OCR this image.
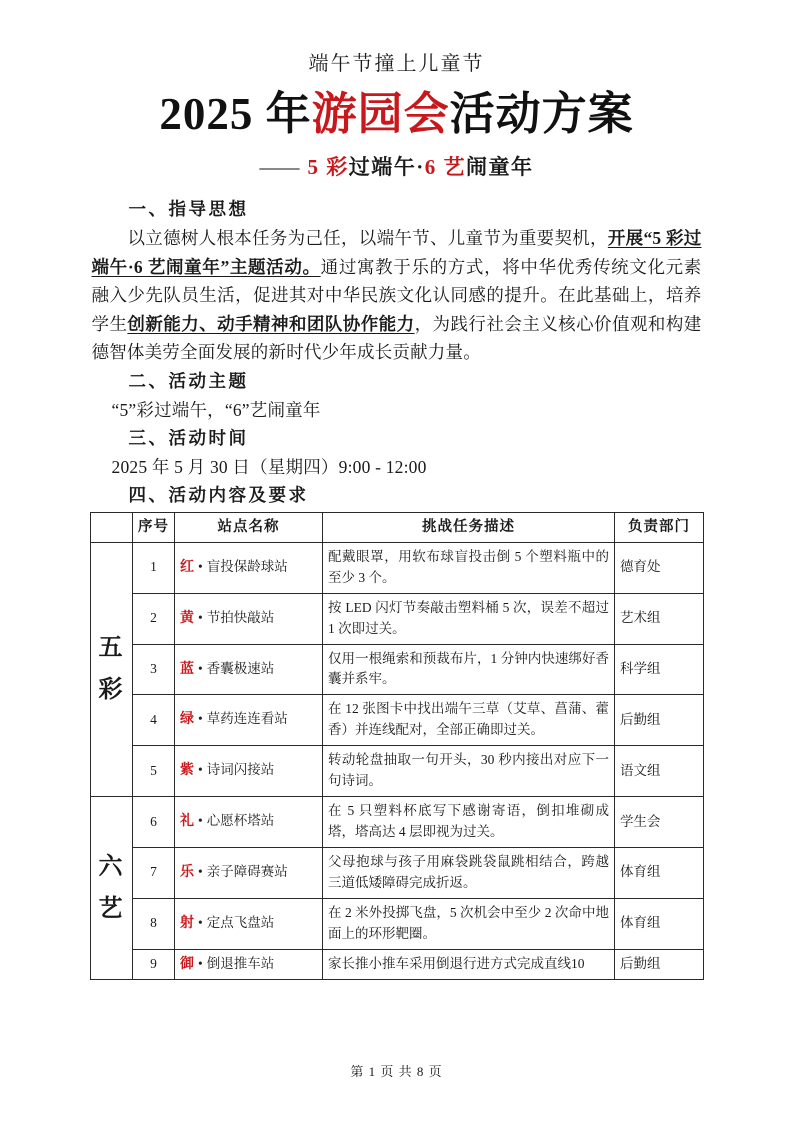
端午节撞上儿童节
2025 年游园会活动方案
—— 5 彩过端午·6 艺闹童年
一、指导思想
以立德树人根本任务为己任，以端午节、儿童节为重要契机，开展“5 彩过端午·6 艺闹童年”主题活动。通过寓教于乐的方式，将中华优秀传统文化元素融入少先队员生活，促进其对中华民族文化认同感的提升。在此基础上，培养学生创新能力、动手精神和团队协作能力，为践行社会主义核心价值观和构建德智体美劳全面发展的新时代少年成长贡献力量。
二、活动主题
“5”彩过端午，“6”艺闹童年
三、活动时间
2025 年 5 月 30 日（星期四）9:00 - 12:00
四、活动内容及要求
	序号	站点名称	挑战任务描述	负责部门

五
彩	1	红 • 盲投保龄球站	配戴眼罩，用软布球盲投击倒 5 个塑料瓶中的至少 3 个。	德育处
	2	黄 • 节拍快敲站	按 LED 闪灯节奏敲击塑料桶 5 次，误差不超过 1 次即过关。	艺术组
	3	蓝 • 香囊极速站	仅用一根绳索和预裁布片，1 分钟内快速绑好香囊并系牢。	科学组
	4	绿 • 草药连连看站	在 12 张图卡中找出端午三草（艾草、菖蒲、藿香）并连线配对，全部正确即过关。	后勤组
	5	紫 • 诗词闪接站	转动轮盘抽取一句开头，30 秒内接出对应下一句诗词。	语文组

六
艺	6	礼 • 心愿杯塔站	在 5 只塑料杯底写下感谢寄语，倒扣堆砌成塔，塔高达 4 层即视为过关。	学生会
	7	乐 • 亲子障碍赛站	父母抱球与孩子用麻袋跳袋鼠跳相结合，跨越三道低矮障碍完成折返。	体育组
	8	射 • 定点飞盘站	在 2 米外投掷飞盘，5 次机会中至少 2 次命中地面上的环形靶圈。	体育组
	9	御 • 倒退推车站	家长推小推车采用倒退行进方式完成直线10	后勤组
第 1 页 共 8 页
